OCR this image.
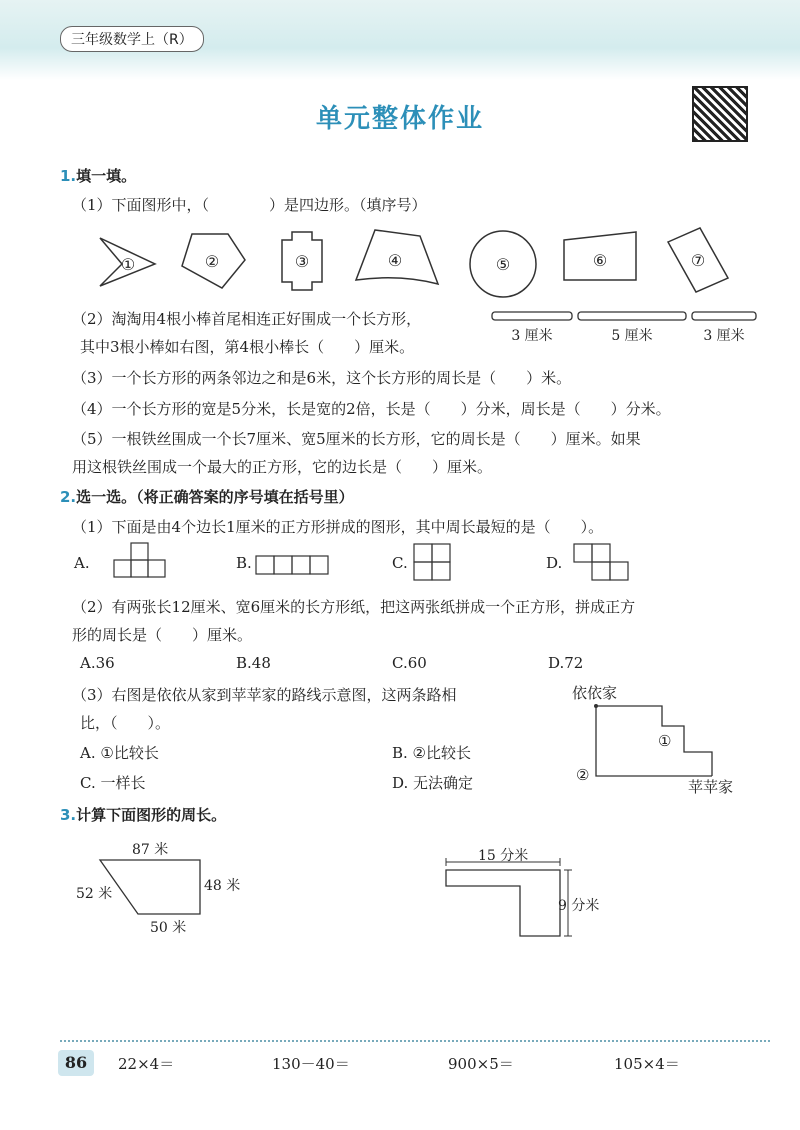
三年级数学上（R）
单元整体作业
1.填一填。
（1）下面图形中，（　　　　）是四边形。（填序号）
①	②	③	④	⑤	⑥	⑦
（2）淘淘用4根小棒首尾相连正好围成一个长方形，
其中3根小棒如右图，第4根小棒长（　　）厘米。
3 厘米	5 厘米	3 厘米
（3）一个长方形的两条邻边之和是6米，这个长方形的周长是（　　）米。
（4）一个长方形的宽是5分米，长是宽的2倍，长是（　　）分米，周长是（　　）分米。
（5）一根铁丝围成一个长7厘米、宽5厘米的长方形，它的周长是（　　）厘米。如果
用这根铁丝围成一个最大的正方形，它的边长是（　　）厘米。
2.选一选。（将正确答案的序号填在括号里）
（1）下面是由4个边长1厘米的正方形拼成的图形，其中周长最短的是（　　）。
A.	B.	C.	D.
（2）有两张长12厘米、宽6厘米的长方形纸，把这两张纸拼成一个正方形，拼成正方
形的周长是（　　）厘米。
A.36	B.48	C.60	D.72
（3）右图是依依从家到苹苹家的路线示意图，这两条路相
比，（　　）。
A. ①比较长	B. ②比较长
C. 一样长	D. 无法确定
依依家
苹苹家
①
②
3.计算下面图形的周长。
87 米
52 米	48 米
50 米
15 分米
9 分米
86	22×4＝	130－40＝	900×5＝	105×4＝
